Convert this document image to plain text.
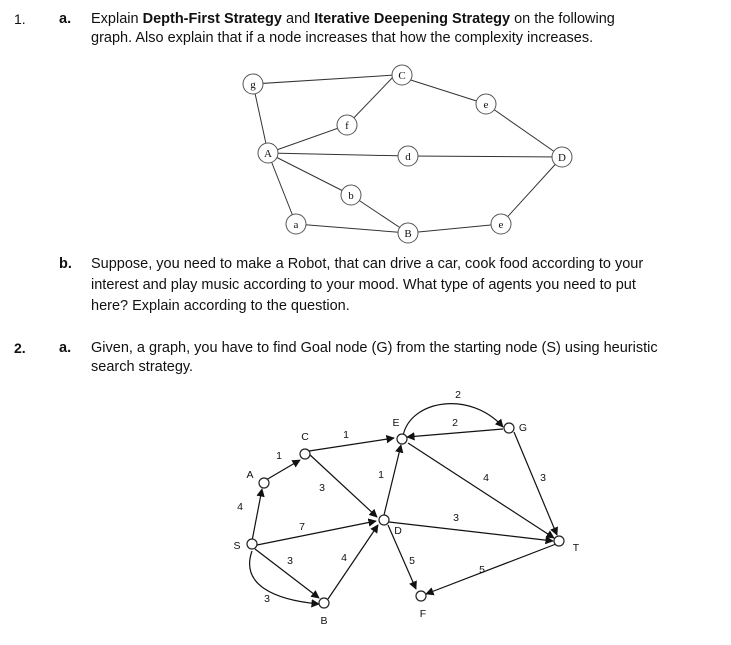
1. a. Explain Depth-First Strategy and Iterative Deepening Strategy on the following
graph. Also explain that if a node increases that how the complexity increases.
g
C
f
e
A	d	D
b
a
B
e
b. Suppose, you need to make a Robot, that can drive a car, cook food according to your
interest and play music according to your mood. What type of agents you need to put
here? Explain according to the question.
2. a. Given, a graph, you have to find Goal node (G) from the starting node (S) using heuristic
search strategy.
S
A
C
E	G
D
B
F
T
4
1
1
2
2
3
7
3
3
4
1
3
4	3
5
5
